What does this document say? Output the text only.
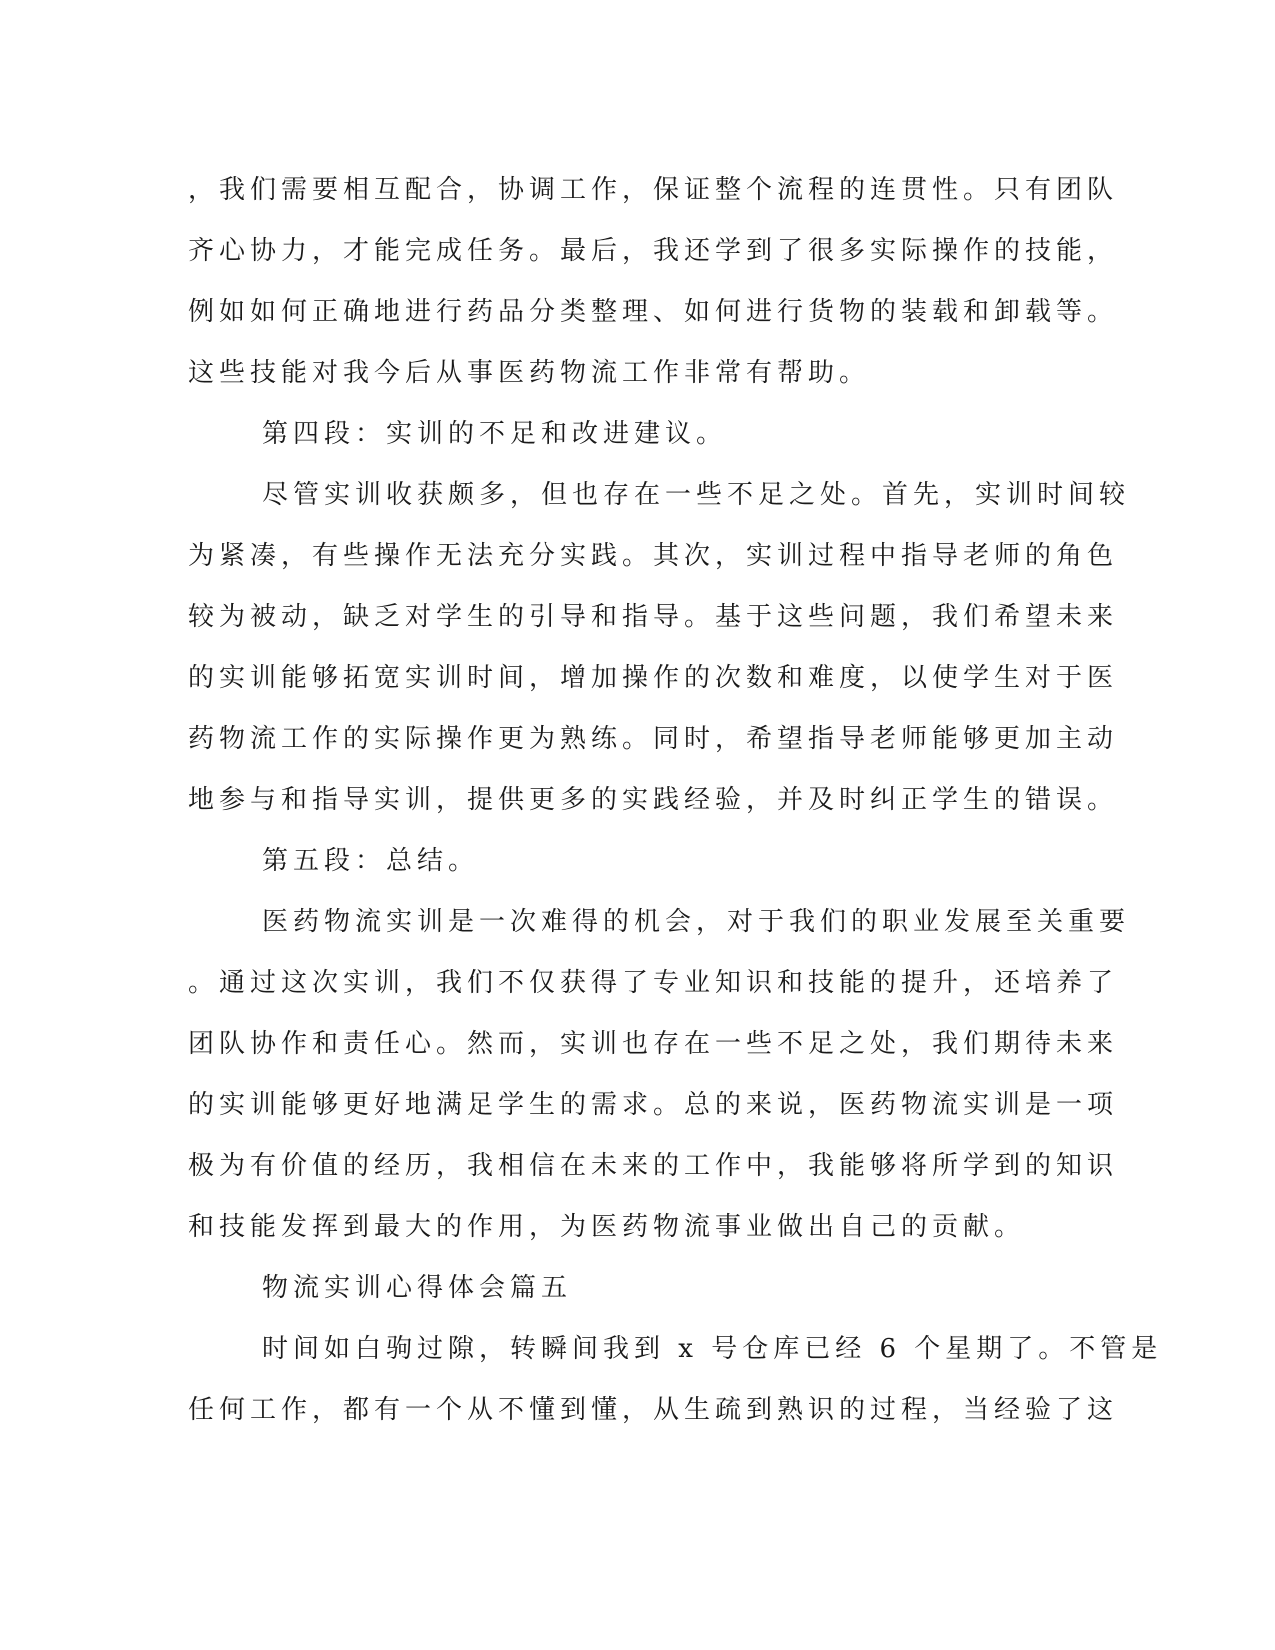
，我们需要相互配合，协调工作，保证整个流程的连贯性。只有团队
齐心协力，才能完成任务。最后，我还学到了很多实际操作的技能，
例如如何正确地进行药品分类整理、如何进行货物的装载和卸载等。
这些技能对我今后从事医药物流工作非常有帮助。
第四段：实训的不足和改进建议。
尽管实训收获颇多，但也存在一些不足之处。首先，实训时间较
为紧凑，有些操作无法充分实践。其次，实训过程中指导老师的角色
较为被动，缺乏对学生的引导和指导。基于这些问题，我们希望未来
的实训能够拓宽实训时间，增加操作的次数和难度，以使学生对于医
药物流工作的实际操作更为熟练。同时，希望指导老师能够更加主动
地参与和指导实训，提供更多的实践经验，并及时纠正学生的错误。
第五段：总结。
医药物流实训是一次难得的机会，对于我们的职业发展至关重要
。通过这次实训，我们不仅获得了专业知识和技能的提升，还培养了
团队协作和责任心。然而，实训也存在一些不足之处，我们期待未来
的实训能够更好地满足学生的需求。总的来说，医药物流实训是一项
极为有价值的经历，我相信在未来的工作中，我能够将所学到的知识
和技能发挥到最大的作用，为医药物流事业做出自己的贡献。
物流实训心得体会篇五
时间如白驹过隙，转瞬间我到 x 号仓库已经 6 个星期了。不管是
任何工作，都有一个从不懂到懂，从生疏到熟识的过程，当经验了这
